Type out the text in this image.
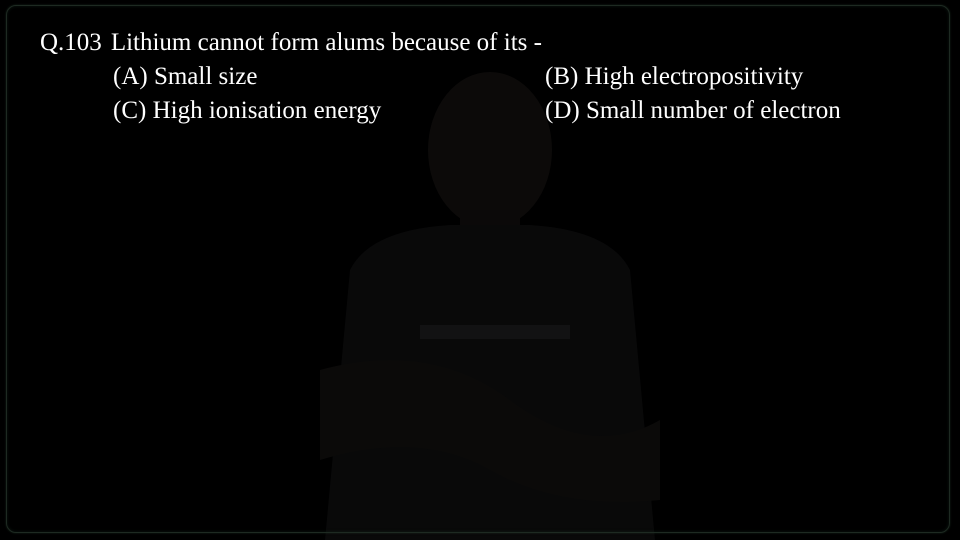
Q.103 Lithium cannot form alums because of its -
(A) Small size	(B) High electropositivity
(C) High ionisation energy	(D) Small number of electron
